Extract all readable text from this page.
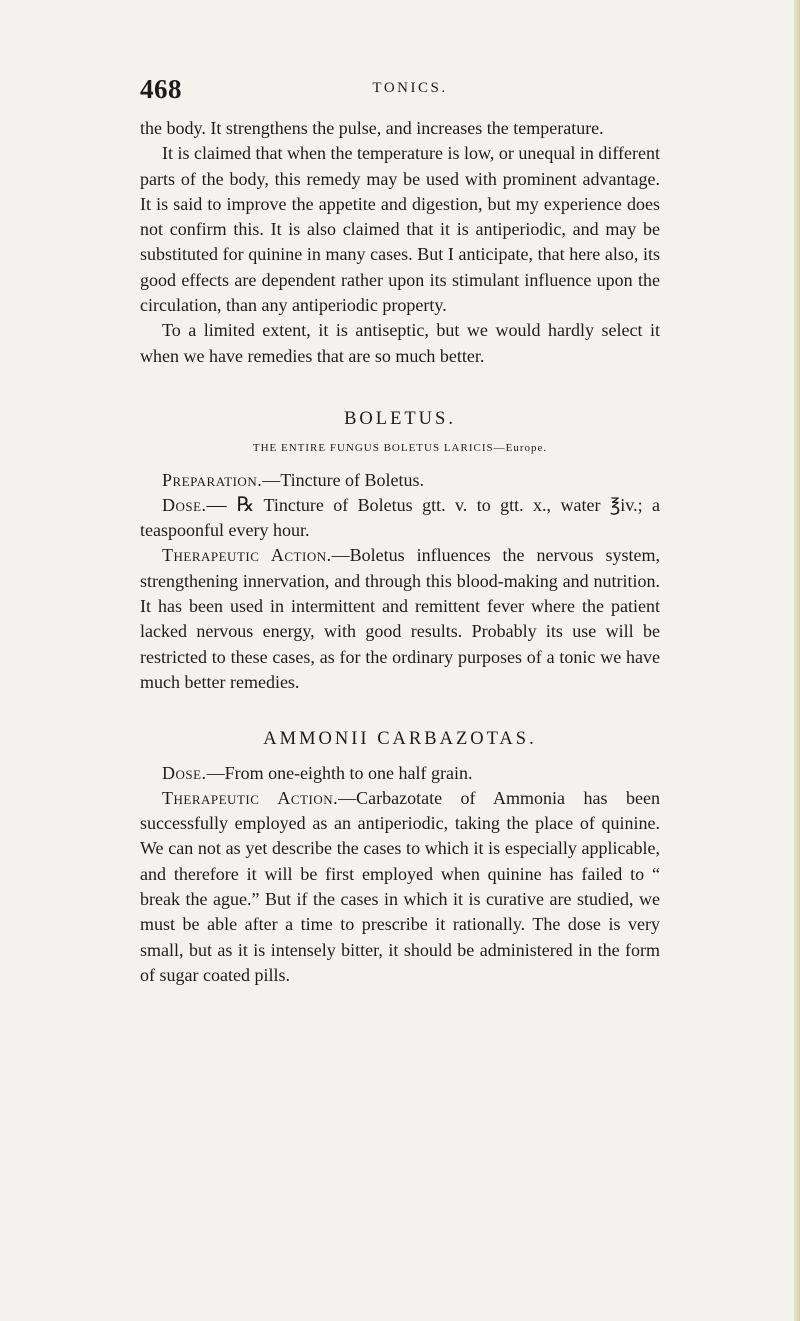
468	TONICS.

the body. It strengthens the pulse, and increases the temperature.

It is claimed that when the temperature is low, or unequal in different parts of the body, this remedy may be used with prominent advantage. It is said to improve the appetite and digestion, but my experience does not confirm this. It is also claimed that it is antiperiodic, and may be substituted for quinine in many cases. But I anticipate, that here also, its good effects are dependent rather upon its stimulant influence upon the circulation, than any antiperiodic property.

To a limited extent, it is antiseptic, but we would hardly select it when we have remedies that are so much better.

BOLETUS.
THE ENTIRE FUNGUS BOLETUS LARICIS—Europe.

Preparation.—Tincture of Boletus.

Dose.— ℞ Tincture of Boletus gtt. v. to gtt. x., water ℥iv.; a teaspoonful every hour.

Therapeutic Action.—Boletus influences the nervous system, strengthening innervation, and through this blood-making and nutrition. It has been used in intermittent and remittent fever where the patient lacked nervous energy, with good results. Probably its use will be restricted to these cases, as for the ordinary purposes of a tonic we have much better remedies.

AMMONII CARBAZOTAS.

Dose.—From one-eighth to one half grain.

Therapeutic Action.—Carbazotate of Ammonia has been successfully employed as an antiperiodic, taking the place of quinine. We can not as yet describe the cases to which it is especially applicable, and therefore it will be first employed when quinine has failed to “ break the ague.” But if the cases in which it is curative are studied, we must be able after a time to prescribe it rationally. The dose is very small, but as it is intensely bitter, it should be administered in the form of sugar coated pills.
